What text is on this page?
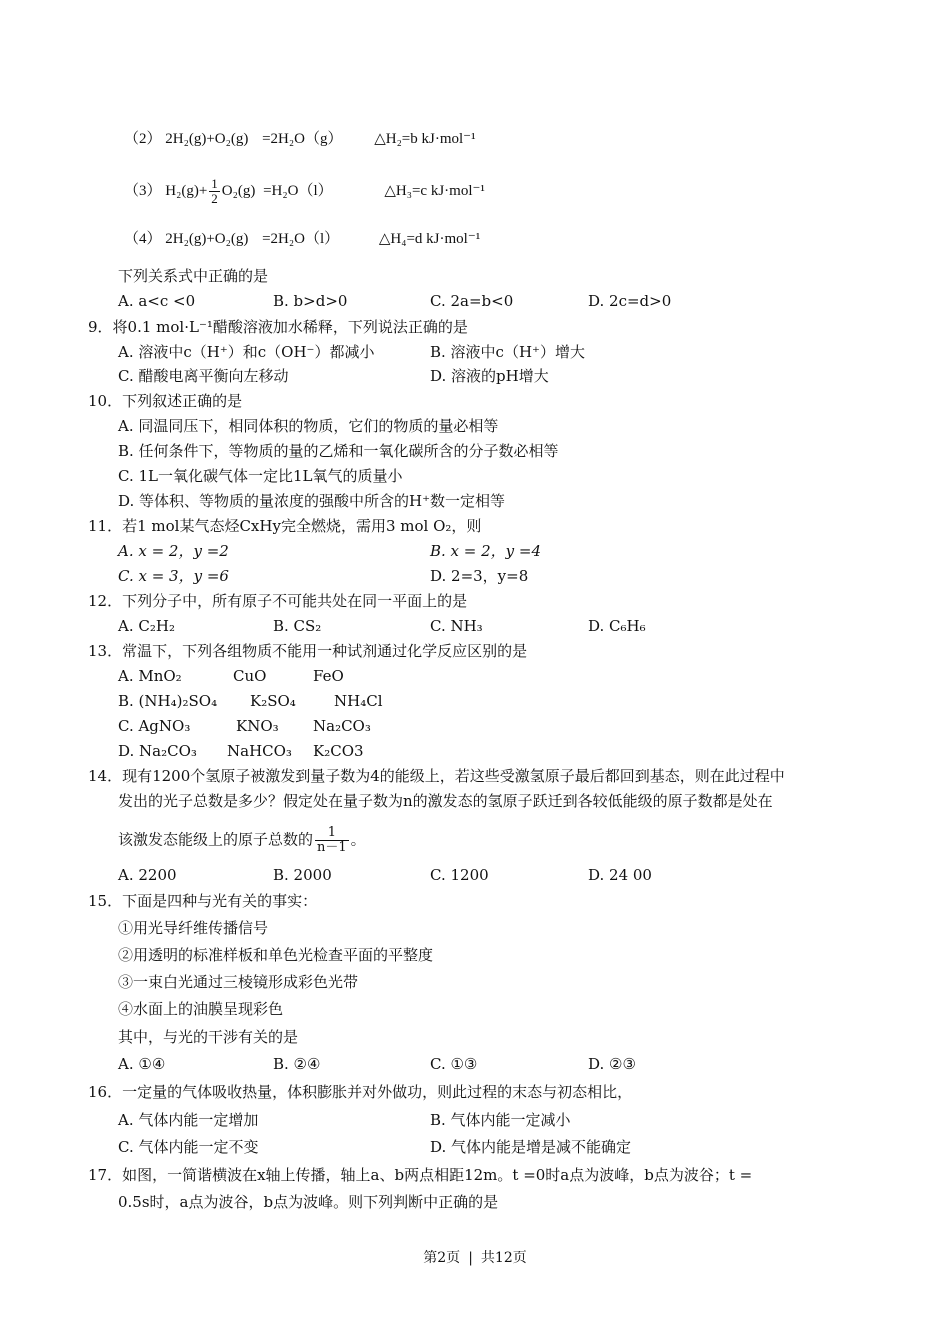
（2） 2H₂(g)+O₂(g) =2H₂O（g） △H₂=b kJ·mol⁻¹
（3） $H_2(g)+ \frac{1}{2} O_2(g) =H_2O(l)$	△H₃=c kJ·mol⁻¹
（4） 2H₂(g)+O₂(g) =2H₂O（l）	△H₄=d kJ·mol⁻¹
下列关系式中正确的是
A. a<c <0	B. b>d>0	C. 2a=b<0	D. 2c=d>0
9．将0.1 mol·L⁻¹醋酸溶液加水稀释，下列说法正确的是
A. 溶液中c（H⁺）和c（OH⁻）都减小	B. 溶液中c（H⁺）增大
C. 醋酸电离平衡向左移动	D. 溶液的pH增大
10．下列叙述正确的是
A. 同温同压下，相同体积的物质，它们的物质的量必相等
B. 任何条件下，等物质的量的乙烯和一氧化碳所含的分子数必相等
C. 1L一氧化碳气体一定比1L氧气的质量小
D. 等体积、等物质的量浓度的强酸中所含的H⁺数一定相等
11．若1 mol某气态烃CxHy完全燃烧，需用3 mol O₂，则
A. x = 2，y =2	B. x = 2，y =4
C. x = 3，y =6	D. 2=3，y=8
12．下列分子中，所有原子不可能共处在同一平面上的是
A. C₂H₂	B. CS₂	C. NH₃	D. C₆H₆
13．常温下，下列各组物质不能用一种试剂通过化学反应区别的是
A. MnO₂	CuO	FeO
B. (NH₄)₂SO₄ K₂SO₄	NH₄Cl
C. AgNO₃	KNO₃ Na₂CO₃
D. Na₂CO₃ NaHCO₃ K₂CO3
14．现有1200个氢原子被激发到量子数为4的能级上，若这些受激氢原子最后都回到基态，则在此过程中
发出的光子总数是多少？假定处在量子数为n的激发态的氢原子跃迁到各较低能级的原子数都是处在
该激发态能级上的原子总数的 $\frac{1}{n-1}$ 。
A. 2200	B. 2000	C. 1200	D. 24 00
15．下面是四种与光有关的事实：
①用光导纤维传播信号
②用透明的标准样板和单色光检查平面的平整度
③一束白光通过三棱镜形成彩色光带
④水面上的油膜呈现彩色
其中，与光的干涉有关的是
A. ①④	B. ②④	C. ①③	D. ②③
16．一定量的气体吸收热量，体积膨胀并对外做功，则此过程的末态与初态相比，
A. 气体内能一定增加	B. 气体内能一定减小
C. 气体内能一定不变	D. 气体内能是增是减不能确定
17．如图，一简谐横波在x轴上传播，轴上a、b两点相距12m。t =0时a点为波峰，b点为波谷；t =
0.5s时，a点为波谷，b点为波峰。则下列判断中正确的是
第2页 | 共12页
